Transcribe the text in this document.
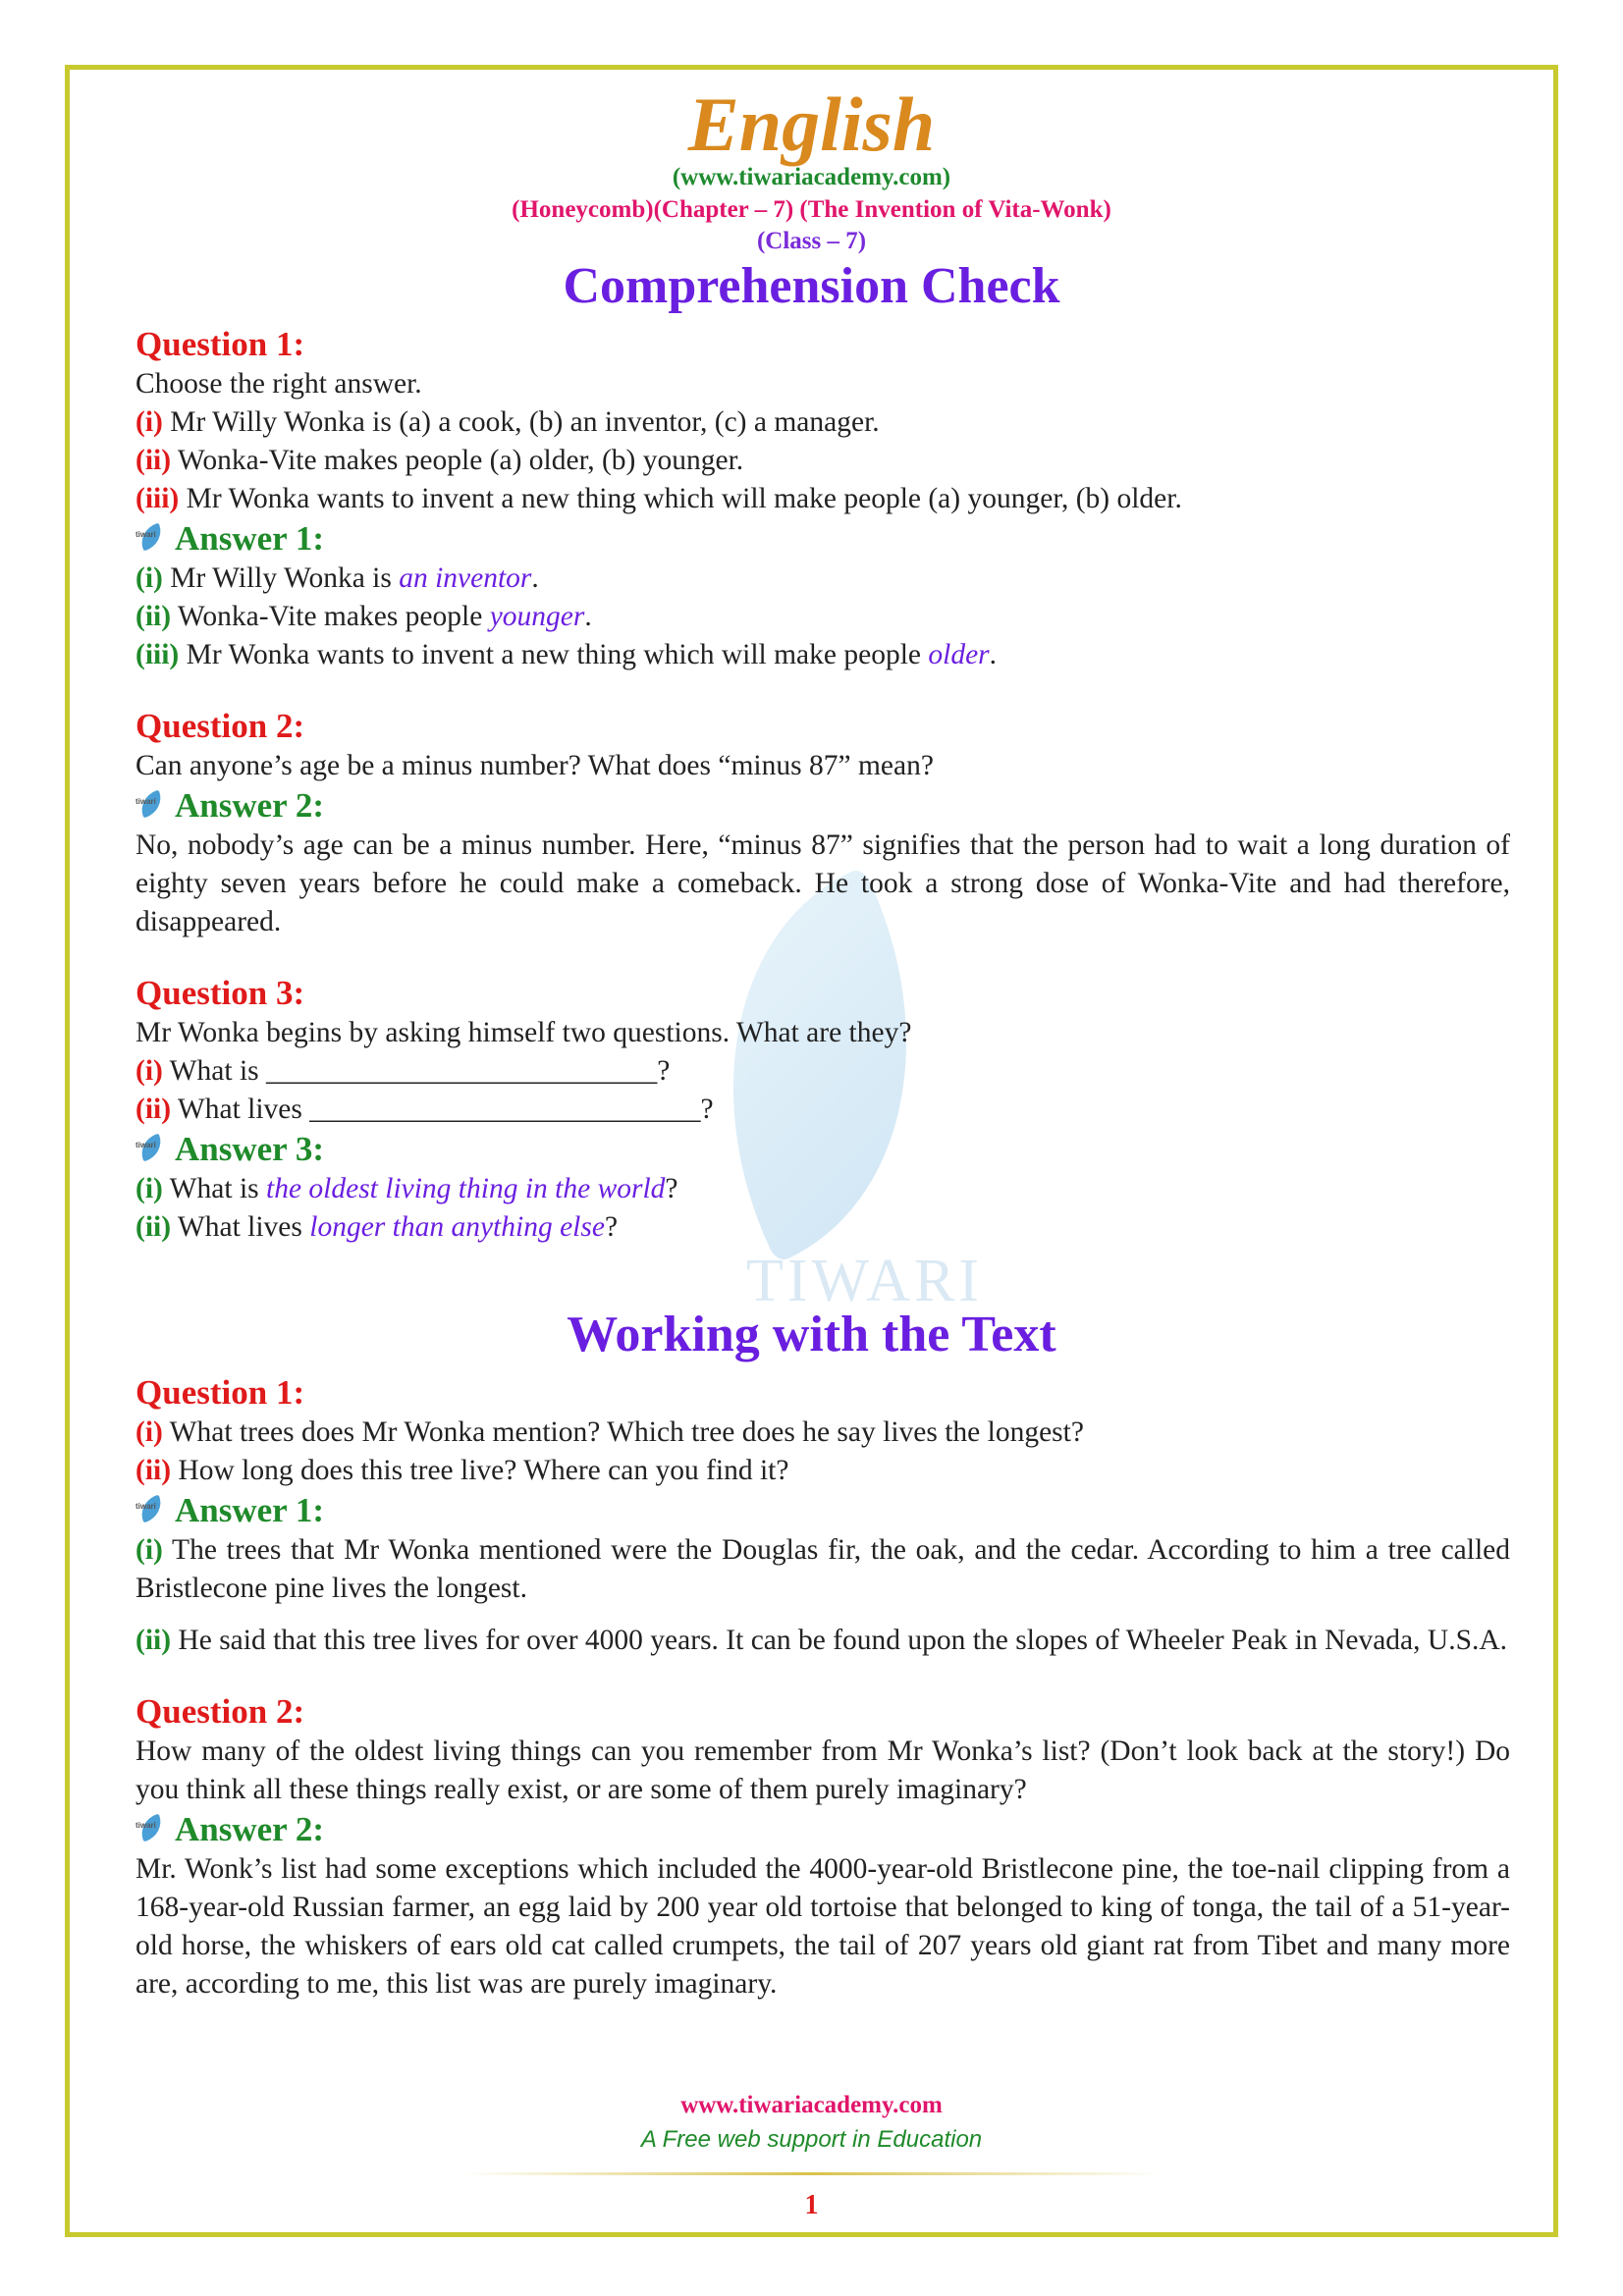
TIWARI
English
(www.tiwariacademy.com)
(Honeycomb)(Chapter – 7) (The Invention of Vita-Wonk)
(Class – 7)
Comprehension Check
Question 1:

Choose the right answer.

(i) Mr Willy Wonka is (a) a cook, (b) an inventor, (c) a manager.

(ii) Wonka-Vite makes people (a) older, (b) younger.

(iii) Mr Wonka wants to invent a new thing which will make people (a) younger, (b) older.

tiwari
Answer 1:

(i) Mr Willy Wonka is an inventor.

(ii) Wonka-Vite makes people younger.

(iii) Mr Wonka wants to invent a new thing which will make people older.

Question 2:

Can anyone’s age be a minus number? What does “minus 87” mean?

tiwari
Answer 2:

No, nobody’s age can be a minus number. Here, “minus 87” signifies that the person had to wait a long duration of eighty seven years before he could make a comeback. He took a strong dose of Wonka-Vite and had therefore, disappeared.

Question 3:

Mr Wonka begins by asking himself two questions. What are they?

(i) What is ___________________________?

(ii) What lives ___________________________?

tiwari
Answer 3:

(i) What is the oldest living thing in the world?

(ii) What lives longer than anything else?

Working with the Text
Question 1:

(i) What trees does Mr Wonka mention? Which tree does he say lives the longest?

(ii) How long does this tree live? Where can you find it?

tiwari
Answer 1:

(i) The trees that Mr Wonka mentioned were the Douglas fir, the oak, and the cedar. According to him a tree called Bristlecone pine lives the longest.

(ii) He said that this tree lives for over 4000 years. It can be found upon the slopes of Wheeler Peak in Nevada, U.S.A.

Question 2:

How many of the oldest living things can you remember from Mr Wonka’s list? (Don’t look back at the story!) Do you think all these things really exist, or are some of them purely imaginary?

tiwari
Answer 2:

Mr. Wonk’s list had some exceptions which included the 4000-year-old Bristlecone pine, the toe-nail clipping from a 168-year-old Russian farmer, an egg laid by 200 year old tortoise that belonged to king of tonga, the tail of a 51-year-old horse, the whiskers of ears old cat called crumpets, the tail of 207 years old giant rat from Tibet and many more are, according to me, this list was are purely imaginary.

www.tiwariacademy.com
A Free web support in Education
1
